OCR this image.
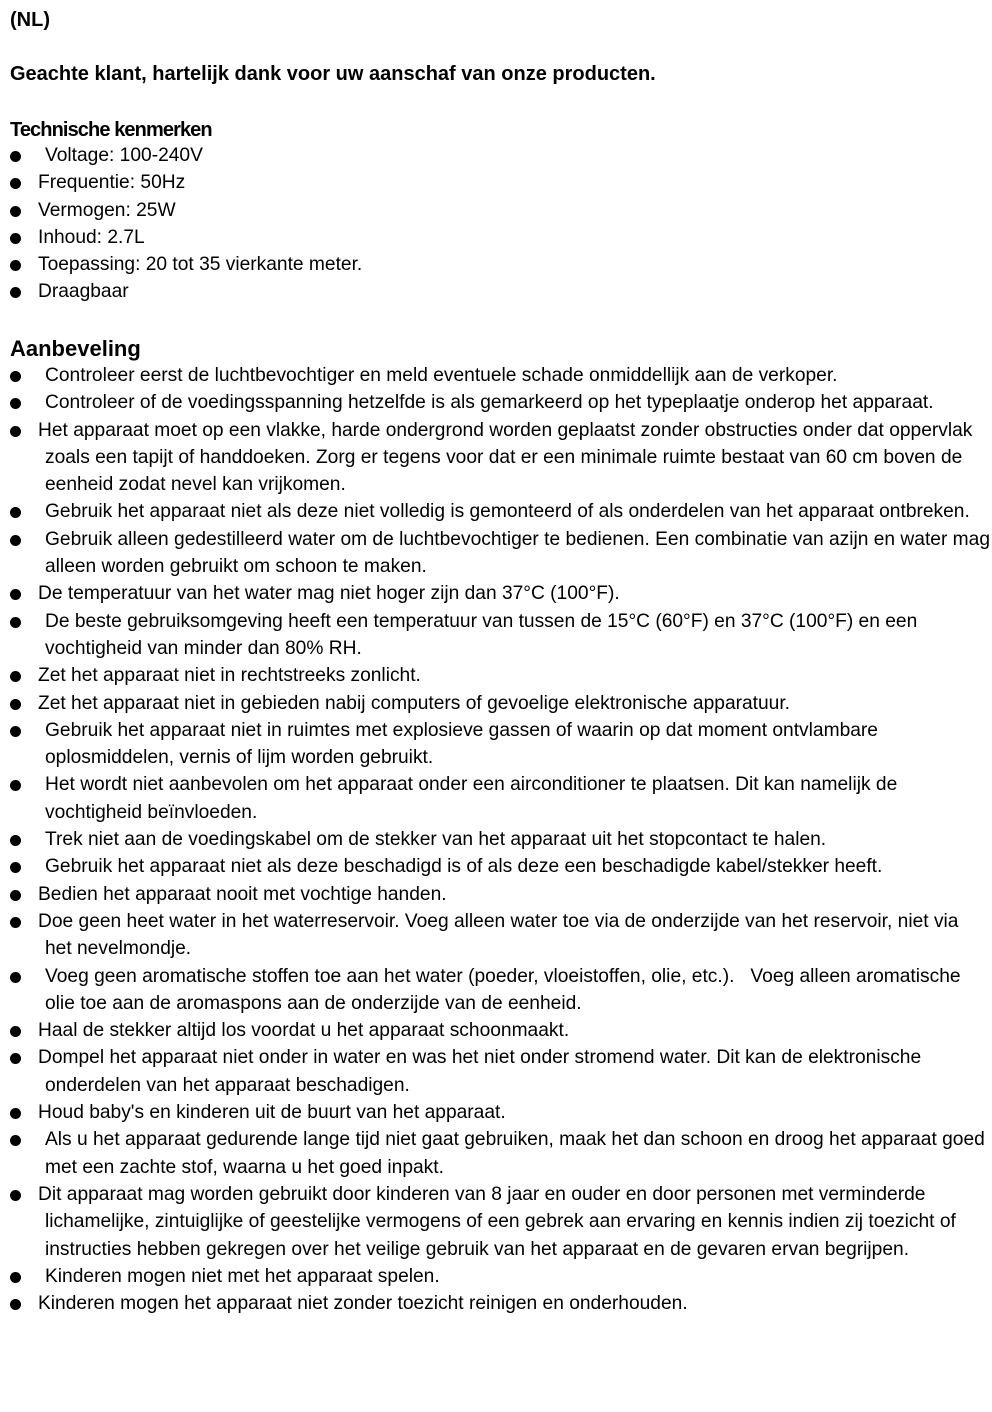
(NL)

Geachte klant, hartelijk dank voor uw aanschaf van onze producten.

Technische kenmerken
Voltage: 100-240V
Frequentie: 50Hz
Vermogen: 25W
Inhoud: 2.7L
Toepassing: 20 tot 35 vierkante meter.
Draagbaar
Aanbeveling
Controleer eerst de luchtbevochtiger en meld eventuele schade onmiddellijk aan de verkoper.
Controleer of de voedingsspanning hetzelfde is als gemarkeerd op het typeplaatje onderop het apparaat.
Het apparaat moet op een vlakke, harde ondergrond worden geplaatst zonder obstructies onder dat oppervlak zoals een tapijt of handdoeken. Zorg er tegens voor dat er een minimale ruimte bestaat van 60 cm boven de eenheid zodat nevel kan vrijkomen.
Gebruik het apparaat niet als deze niet volledig is gemonteerd of als onderdelen van het apparaat ontbreken.
Gebruik alleen gedestilleerd water om de luchtbevochtiger te bedienen. Een combinatie van azijn en water mag alleen worden gebruikt om schoon te maken.
De temperatuur van het water mag niet hoger zijn dan 37°C (100°F).
De beste gebruiksomgeving heeft een temperatuur van tussen de 15°C (60°F) en 37°C (100°F) en een vochtigheid van minder dan 80% RH.
Zet het apparaat niet in rechtstreeks zonlicht.
Zet het apparaat niet in gebieden nabij computers of gevoelige elektronische apparatuur.
Gebruik het apparaat niet in ruimtes met explosieve gassen of waarin op dat moment ontvlambare oplosmiddelen, vernis of lijm worden gebruikt.
Het wordt niet aanbevolen om het apparaat onder een airconditioner te plaatsen. Dit kan namelijk de vochtigheid beïnvloeden.
Trek niet aan de voedingskabel om de stekker van het apparaat uit het stopcontact te halen.
Gebruik het apparaat niet als deze beschadigd is of als deze een beschadigde kabel/stekker heeft.
Bedien het apparaat nooit met vochtige handen.
Doe geen heet water in het waterreservoir. Voeg alleen water toe via de onderzijde van het reservoir, niet via het nevelmondje.
Voeg geen aromatische stoffen toe aan het water (poeder, vloeistoffen, olie, etc.).   Voeg alleen aromatische olie toe aan de aromaspons aan de onderzijde van de eenheid.
Haal de stekker altijd los voordat u het apparaat schoonmaakt.
Dompel het apparaat niet onder in water en was het niet onder stromend water. Dit kan de elektronische onderdelen van het apparaat beschadigen.
Houd baby's en kinderen uit de buurt van het apparaat.
Als u het apparaat gedurende lange tijd niet gaat gebruiken, maak het dan schoon en droog het apparaat goed met een zachte stof, waarna u het goed inpakt.
Dit apparaat mag worden gebruikt door kinderen van 8 jaar en ouder en door personen met verminderde lichamelijke, zintuiglijke of geestelijke vermogens of een gebrek aan ervaring en kennis indien zij toezicht of instructies hebben gekregen over het veilige gebruik van het apparaat en de gevaren ervan begrijpen.
Kinderen mogen niet met het apparaat spelen.
Kinderen mogen het apparaat niet zonder toezicht reinigen en onderhouden.
